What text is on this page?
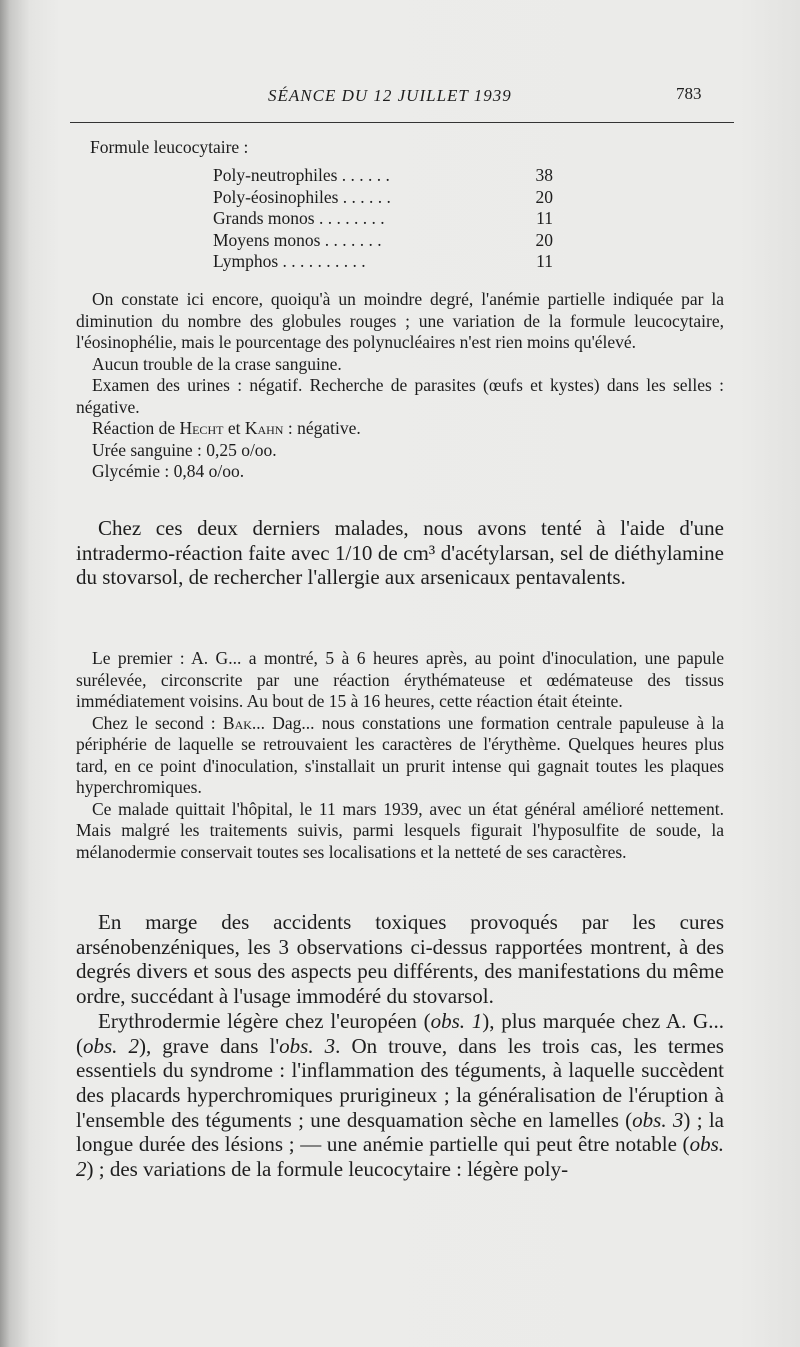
SÉANCE DU 12 JUILLET 1939	783
Formule leucocytaire :
Poly-neutrophiles . . . . . .	38
Poly-éosinophiles . . . . . .	20
Grands monos . . . . . . . .	11
Moyens monos . . . . . . .	20
Lymphos . . . . . . . . . .	11

On constate ici encore, quoiqu'à un moindre degré, l'anémie partielle indiquée par la diminution du nombre des globules rouges ; une variation de la formule leucocytaire, l'éosinophélie, mais le pourcentage des polynucléaires n'est rien moins qu'élevé.

Aucun trouble de la crase sanguine.

Examen des urines : négatif. Recherche de parasites (œufs et kystes) dans les selles : négative.

Réaction de Hecht et Kahn : négative.

Urée sanguine : 0,25 o/oo.

Glycémie : 0,84 o/oo.

Chez ces deux derniers malades, nous avons tenté à l'aide d'une intradermo-réaction faite avec 1/10 de cm³ d'acétylarsan, sel de diéthylamine du stovarsol, de rechercher l'allergie aux arsenicaux pentavalents.

Le premier : A. G... a montré, 5 à 6 heures après, au point d'inoculation, une papule surélevée, circonscrite par une réaction érythémateuse et œdémateuse des tissus immédiatement voisins. Au bout de 15 à 16 heures, cette réaction était éteinte.

Chez le second : Bak... Dag... nous constations une formation centrale papuleuse à la périphérie de laquelle se retrouvaient les caractères de l'érythème. Quelques heures plus tard, en ce point d'inoculation, s'installait un prurit intense qui gagnait toutes les plaques hyperchromiques.

Ce malade quittait l'hôpital, le 11 mars 1939, avec un état général amélioré nettement. Mais malgré les traitements suivis, parmi lesquels figurait l'hyposulfite de soude, la mélanodermie conservait toutes ses localisations et la netteté de ses caractères.

En marge des accidents toxiques provoqués par les cures arsénobenzéniques, les 3 observations ci-dessus rapportées montrent, à des degrés divers et sous des aspects peu différents, des manifestations du même ordre, succédant à l'usage immodéré du stovarsol.

Erythrodermie légère chez l'européen (obs. 1), plus marquée chez A. G... (obs. 2), grave dans l'obs. 3. On trouve, dans les trois cas, les termes essentiels du syndrome : l'inflammation des téguments, à laquelle succèdent des placards hyperchromiques prurigineux ; la généralisation de l'éruption à l'ensemble des téguments ; une desquamation sèche en lamelles (obs. 3) ; la longue durée des lésions ; — une anémie partielle qui peut être notable (obs. 2) ; des variations de la formule leucocytaire : légère poly-
